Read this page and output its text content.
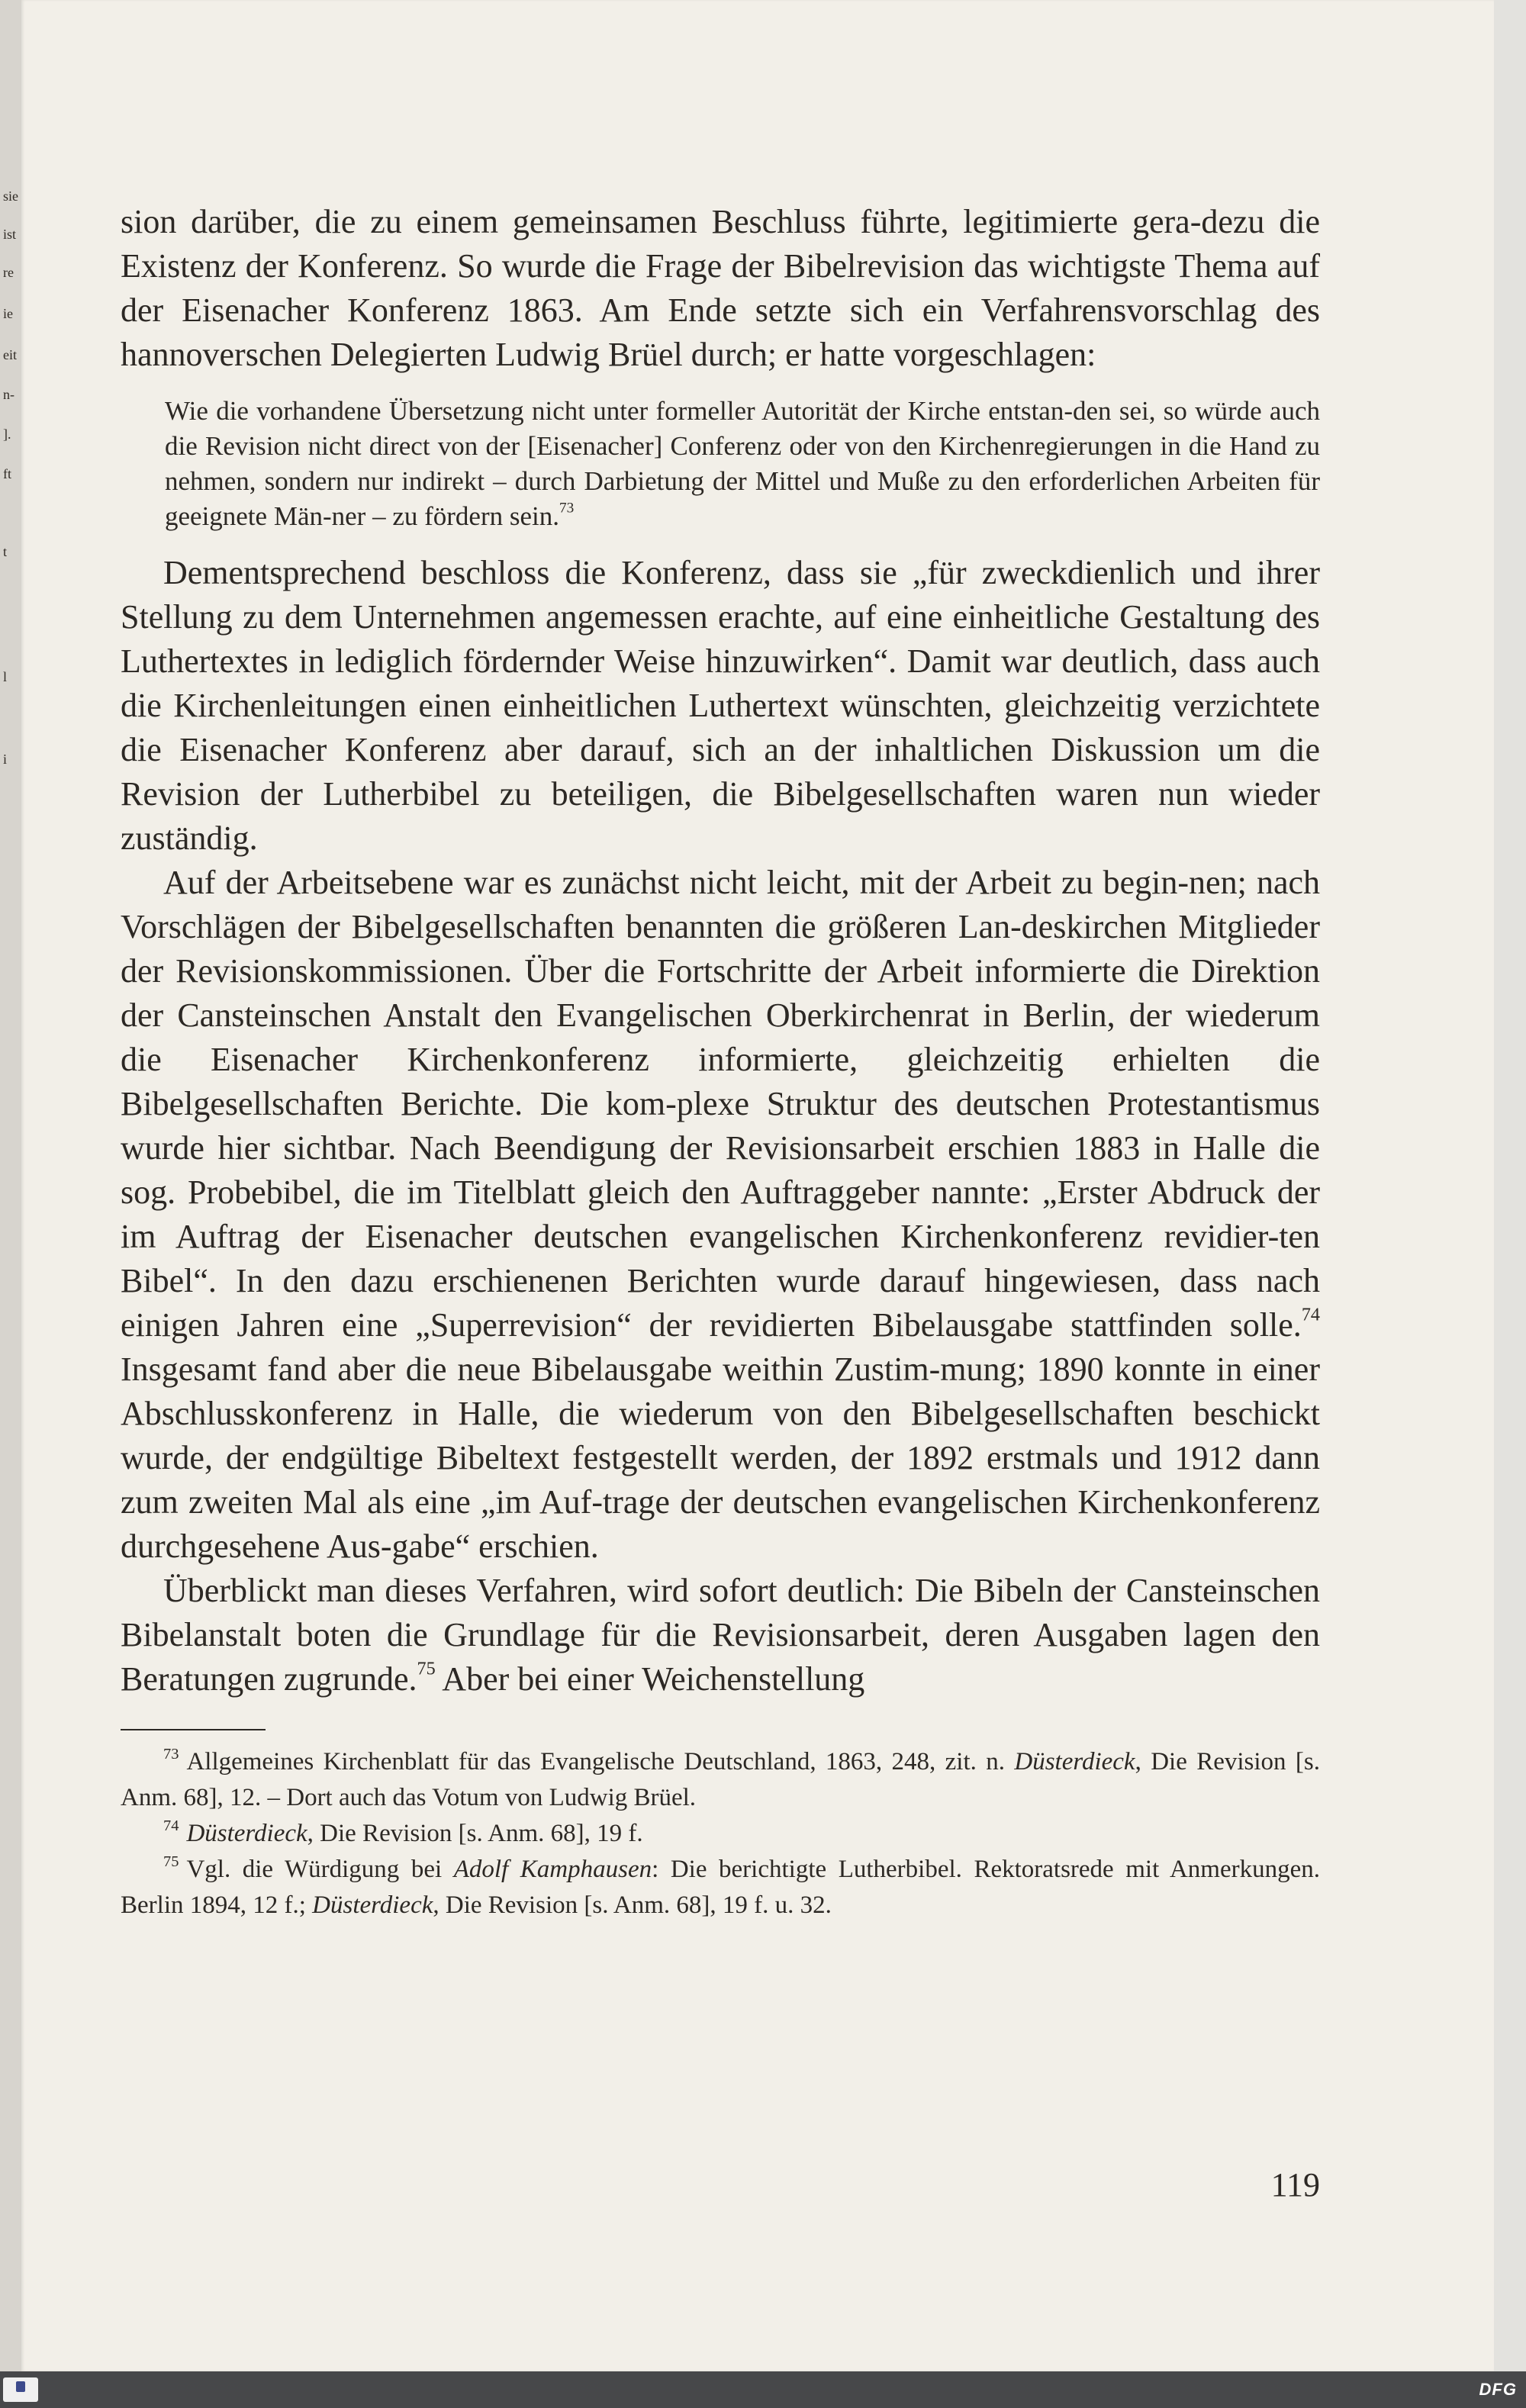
sie
ist
re
ie
eit
n-
].
ft
t
l
i

sion darüber, die zu einem gemeinsamen Beschluss führte, legitimierte gera-dezu die Existenz der Konferenz. So wurde die Frage der Bibelrevision das wichtigste Thema auf der Eisenacher Konferenz 1863. Am Ende setzte sich ein Verfahrensvorschlag des hannoverschen Delegierten Ludwig Brüel durch; er hatte vorgeschlagen:

Wie die vorhandene Übersetzung nicht unter formeller Autorität der Kirche entstan-den sei, so würde auch die Revision nicht direct von der [Eisenacher] Conferenz oder von den Kirchenregierungen in die Hand zu nehmen, sondern nur indirekt – durch Darbietung der Mittel und Muße zu den erforderlichen Arbeiten für geeignete Män-ner – zu fördern sein.$^{73}$

Dementsprechend beschloss die Konferenz, dass sie „für zweckdienlich und ihrer Stellung zu dem Unternehmen angemessen erachte, auf eine einheitliche Gestaltung des Luthertextes in lediglich fördernder Weise hinzuwirken“. Damit war deutlich, dass auch die Kirchenleitungen einen einheitlichen Luthertext wünschten, gleichzeitig verzichtete die Eisenacher Konferenz aber darauf, sich an der inhaltlichen Diskussion um die Revision der Lutherbibel zu beteiligen, die Bibelgesellschaften waren nun wieder zuständig.

Auf der Arbeitsebene war es zunächst nicht leicht, mit der Arbeit zu begin-nen; nach Vorschlägen der Bibelgesellschaften benannten die größeren Lan-deskirchen Mitglieder der Revisionskommissionen. Über die Fortschritte der Arbeit informierte die Direktion der Cansteinschen Anstalt den Evangelischen Oberkirchenrat in Berlin, der wiederum die Eisenacher Kirchenkonferenz informierte, gleichzeitig erhielten die Bibelgesellschaften Berichte. Die kom-plexe Struktur des deutschen Protestantismus wurde hier sichtbar. Nach Beendigung der Revisionsarbeit erschien 1883 in Halle die sog. Probebibel, die im Titelblatt gleich den Auftraggeber nannte: „Erster Abdruck der im Auftrag der Eisenacher deutschen evangelischen Kirchenkonferenz revidier-ten Bibel“. In den dazu erschienenen Berichten wurde darauf hingewiesen, dass nach einigen Jahren eine „Superrevision“ der revidierten Bibelausgabe stattfinden solle.$^{74}$ Insgesamt fand aber die neue Bibelausgabe weithin Zustim-mung; 1890 konnte in einer Abschlusskonferenz in Halle, die wiederum von den Bibelgesellschaften beschickt wurde, der endgültige Bibeltext festgestellt werden, der 1892 erstmals und 1912 dann zum zweiten Mal als eine „im Auf-trage der deutschen evangelischen Kirchenkonferenz durchgesehene Aus-gabe“ erschien.

Überblickt man dieses Verfahren, wird sofort deutlich: Die Bibeln der Cansteinschen Bibelanstalt boten die Grundlage für die Revisionsarbeit, deren Ausgaben lagen den Beratungen zugrunde.$^{75}$ Aber bei einer Weichenstellung

$^{73}$ Allgemeines Kirchenblatt für das Evangelische Deutschland, 1863, 248, zit. n. Düsterdieck, Die Revision [s. Anm. 68], 12. – Dort auch das Votum von Ludwig Brüel.

$^{74}$ Düsterdieck, Die Revision [s. Anm. 68], 19 f.

$^{75}$ Vgl. die Würdigung bei Adolf Kamphausen: Die berichtigte Lutherbibel. Rektoratsrede mit Anmerkungen. Berlin 1894, 12 f.; Düsterdieck, Die Revision [s. Anm. 68], 19 f. u. 32.

119
DFG
